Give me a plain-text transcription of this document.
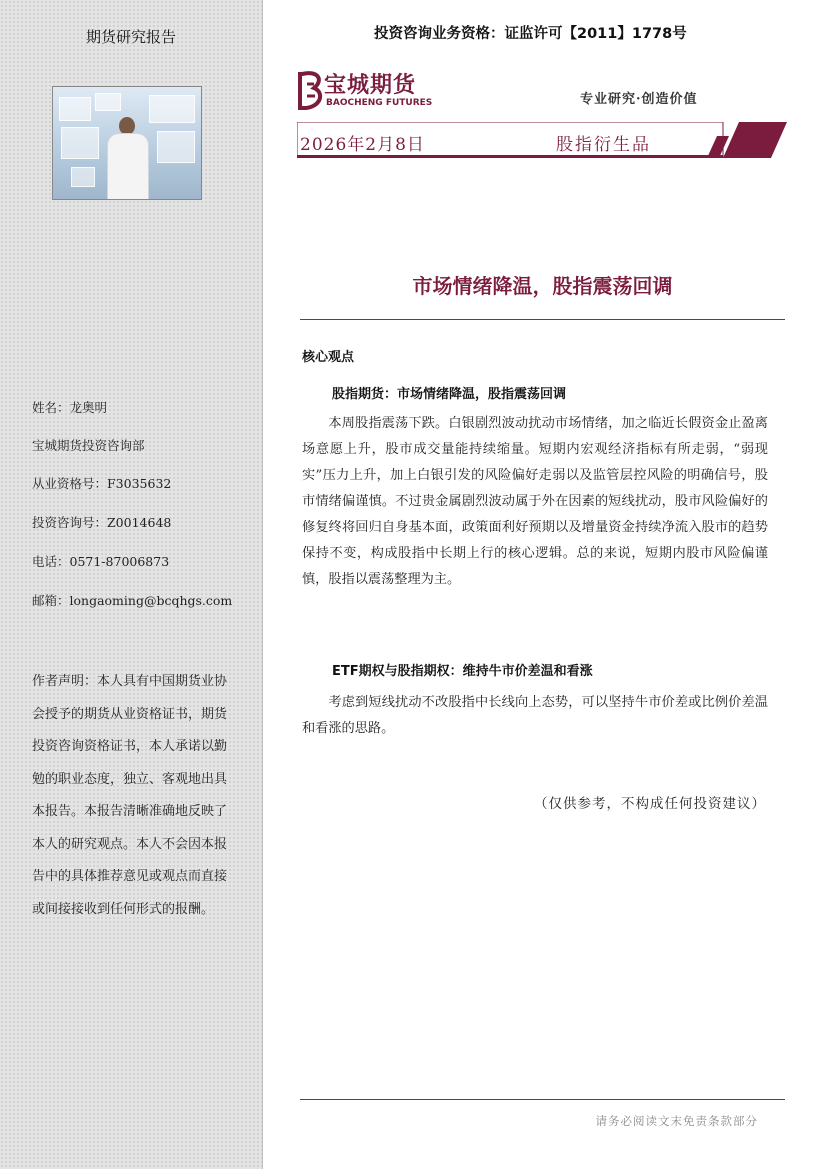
期货研究报告
姓名：龙奥明
宝城期货投资咨询部
从业资格号：F3035632
投资咨询号：Z0014648
电话：0571-87006873
邮箱：longaoming@bcqhgs.com
作者声明：本人具有中国期货业协会授予的期货从业资格证书，期货投资咨询资格证书，本人承诺以勤勉的职业态度，独立、客观地出具本报告。本报告清晰准确地反映了本人的研究观点。本人不会因本报告中的具体推荐意见或观点而直接或间接接收到任何形式的报酬。
投资咨询业务资格：证监许可【2011】1778号
宝城期货
BAOCHENG FUTURES	专业研究·创造价值
2026年2月8日	股指衍生品
市场情绪降温，股指震荡回调
核心观点
股指期货：市场情绪降温，股指震荡回调
本周股指震荡下跌。白银剧烈波动扰动市场情绪，加之临近长假资金止盈离场意愿上升，股市成交量能持续缩量。短期内宏观经济指标有所走弱，“弱现实”压力上升，加上白银引发的风险偏好走弱以及监管层控风险的明确信号，股市情绪偏谨慎。不过贵金属剧烈波动属于外在因素的短线扰动，股市风险偏好的修复终将回归自身基本面，政策面利好预期以及增量资金持续净流入股市的趋势保持不变，构成股指中长期上行的核心逻辑。总的来说，短期内股市风险偏谨慎，股指以震荡整理为主。
ETF期权与股指期权：维持牛市价差温和看涨
考虑到短线扰动不改股指中长线向上态势，可以坚持牛市价差或比例价差温和看涨的思路。
（仅供参考，不构成任何投资建议）
请务必阅读文末免责条款部分
